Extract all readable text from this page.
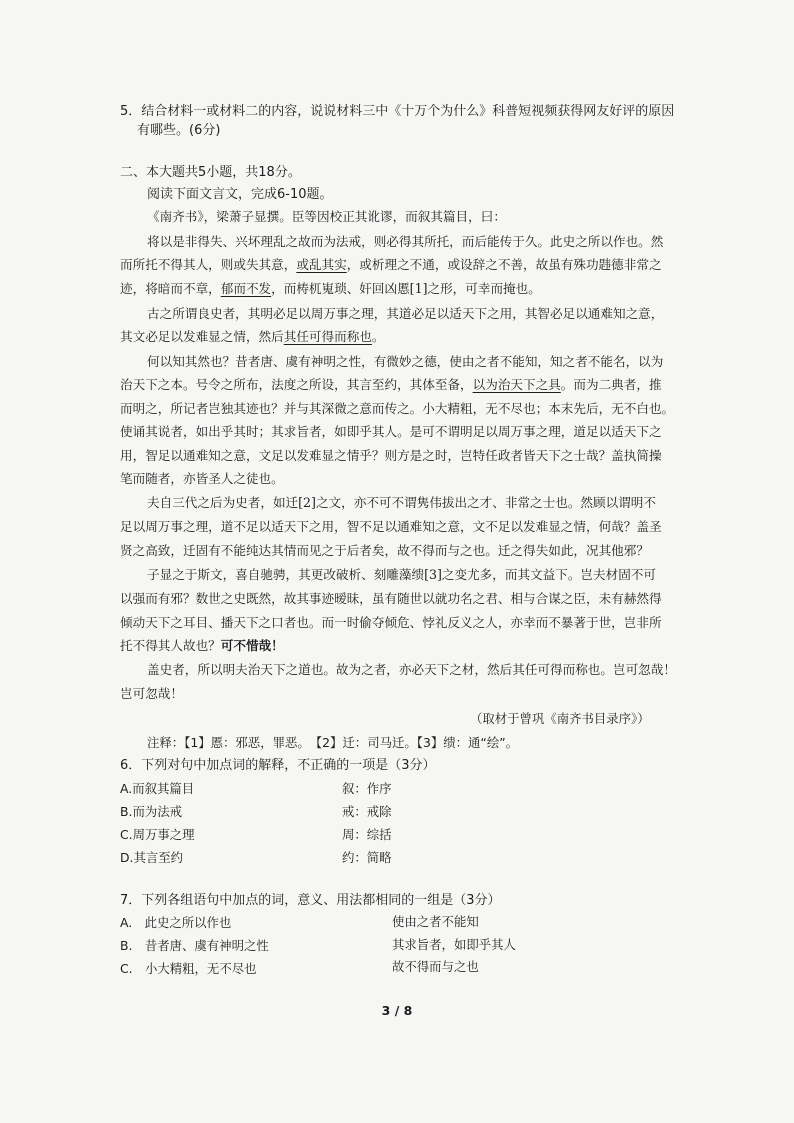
5．结合材料一或材料二的内容，说说材料三中《十万个为什么》科普短视频获得网友好评的原因
有哪些。(6分)
二、本大题共5小题，共18分。
阅读下面文言文，完成6-10题。
《南齐书》，梁萧子显撰。臣等因校正其讹谬，而叙其篇目，曰：
将以是非得失、兴坏理乱之故而为法戒，则必得其所托，而后能传于久。此史之所以作也。然
而所托不得其人，则或失其意，或乱其实，或析理之不通，或设辞之不善，故虽有殊功韪德非常之
迹，将暗而不章，郁而不发，而梼杌嵬琐、奸回凶慝[1]之形，可幸而掩也。
古之所谓良史者，其明必足以周万事之理，其道必足以适天下之用，其智必足以通难知之意，
其文必足以发难显之情，然后其任可得而称也。
何以知其然也？昔者唐、虞有神明之性，有微妙之德，使由之者不能知，知之者不能名，以为
治天下之本。号令之所布，法度之所设，其言至约，其体至备，以为治天下之具。而为二典者，推
而明之，所记者岂独其迹也？并与其深微之意而传之。小大精粗，无不尽也；本末先后，无不白也。
使诵其说者，如出乎其时；其求旨者，如即乎其人。是可不谓明足以周万事之理，道足以适天下之
用，智足以通难知之意，文足以发难显之情乎？则方是之时，岂特任政者皆天下之士哉？盖执简操
笔而随者，亦皆圣人之徒也。
夫自三代之后为史者，如迁[2]之文，亦不可不谓隽伟拔出之才、非常之士也。然顾以谓明不
足以周万事之理，道不足以适天下之用，智不足以通难知之意，文不足以发难显之情，何哉？盖圣
贤之高致，迁固有不能纯达其情而见之于后者矣，故不得而与之也。迁之得失如此，况其他邪？
子显之于斯文，喜自驰骋，其更改破析、刻雕藻缋[3]之变尤多，而其文益下。岂夫材固不可
以强而有邪？数世之史既然，故其事迹暧昧，虽有随世以就功名之君、相与合谋之臣，未有赫然得
倾动天下之耳目、播天下之口者也。而一时偷夺倾危、悖礼反义之人，亦幸而不暴著于世，岂非所
托不得其人故也？可不惜哉！
盖史者，所以明夫治天下之道也。故为之者，亦必天下之材，然后其任可得而称也。岂可忽哉！
岂可忽哉！
（取材于曾巩《南齐书目录序》）
注释：【1】慝：邪恶，罪恶。　【2】迁：司马迁。【3】缋：通“绘”。
6．下列对句中加点词的解释，不正确的一项是（3分）
A.而叙其篇目	叙：作序
B.而为法戒	戒：戒除
C.周万事之理	周：综括
D.其言至约	约：简略
7．下列各组语句中加点的词，意义、用法都相同的一组是（3分）
A.　此史之所以作也	使由之者不能知
B.　昔者唐、虞有神明之性	其求旨者，如即乎其人
C.　小大精粗，无不尽也	故不得而与之也
3 / 8
